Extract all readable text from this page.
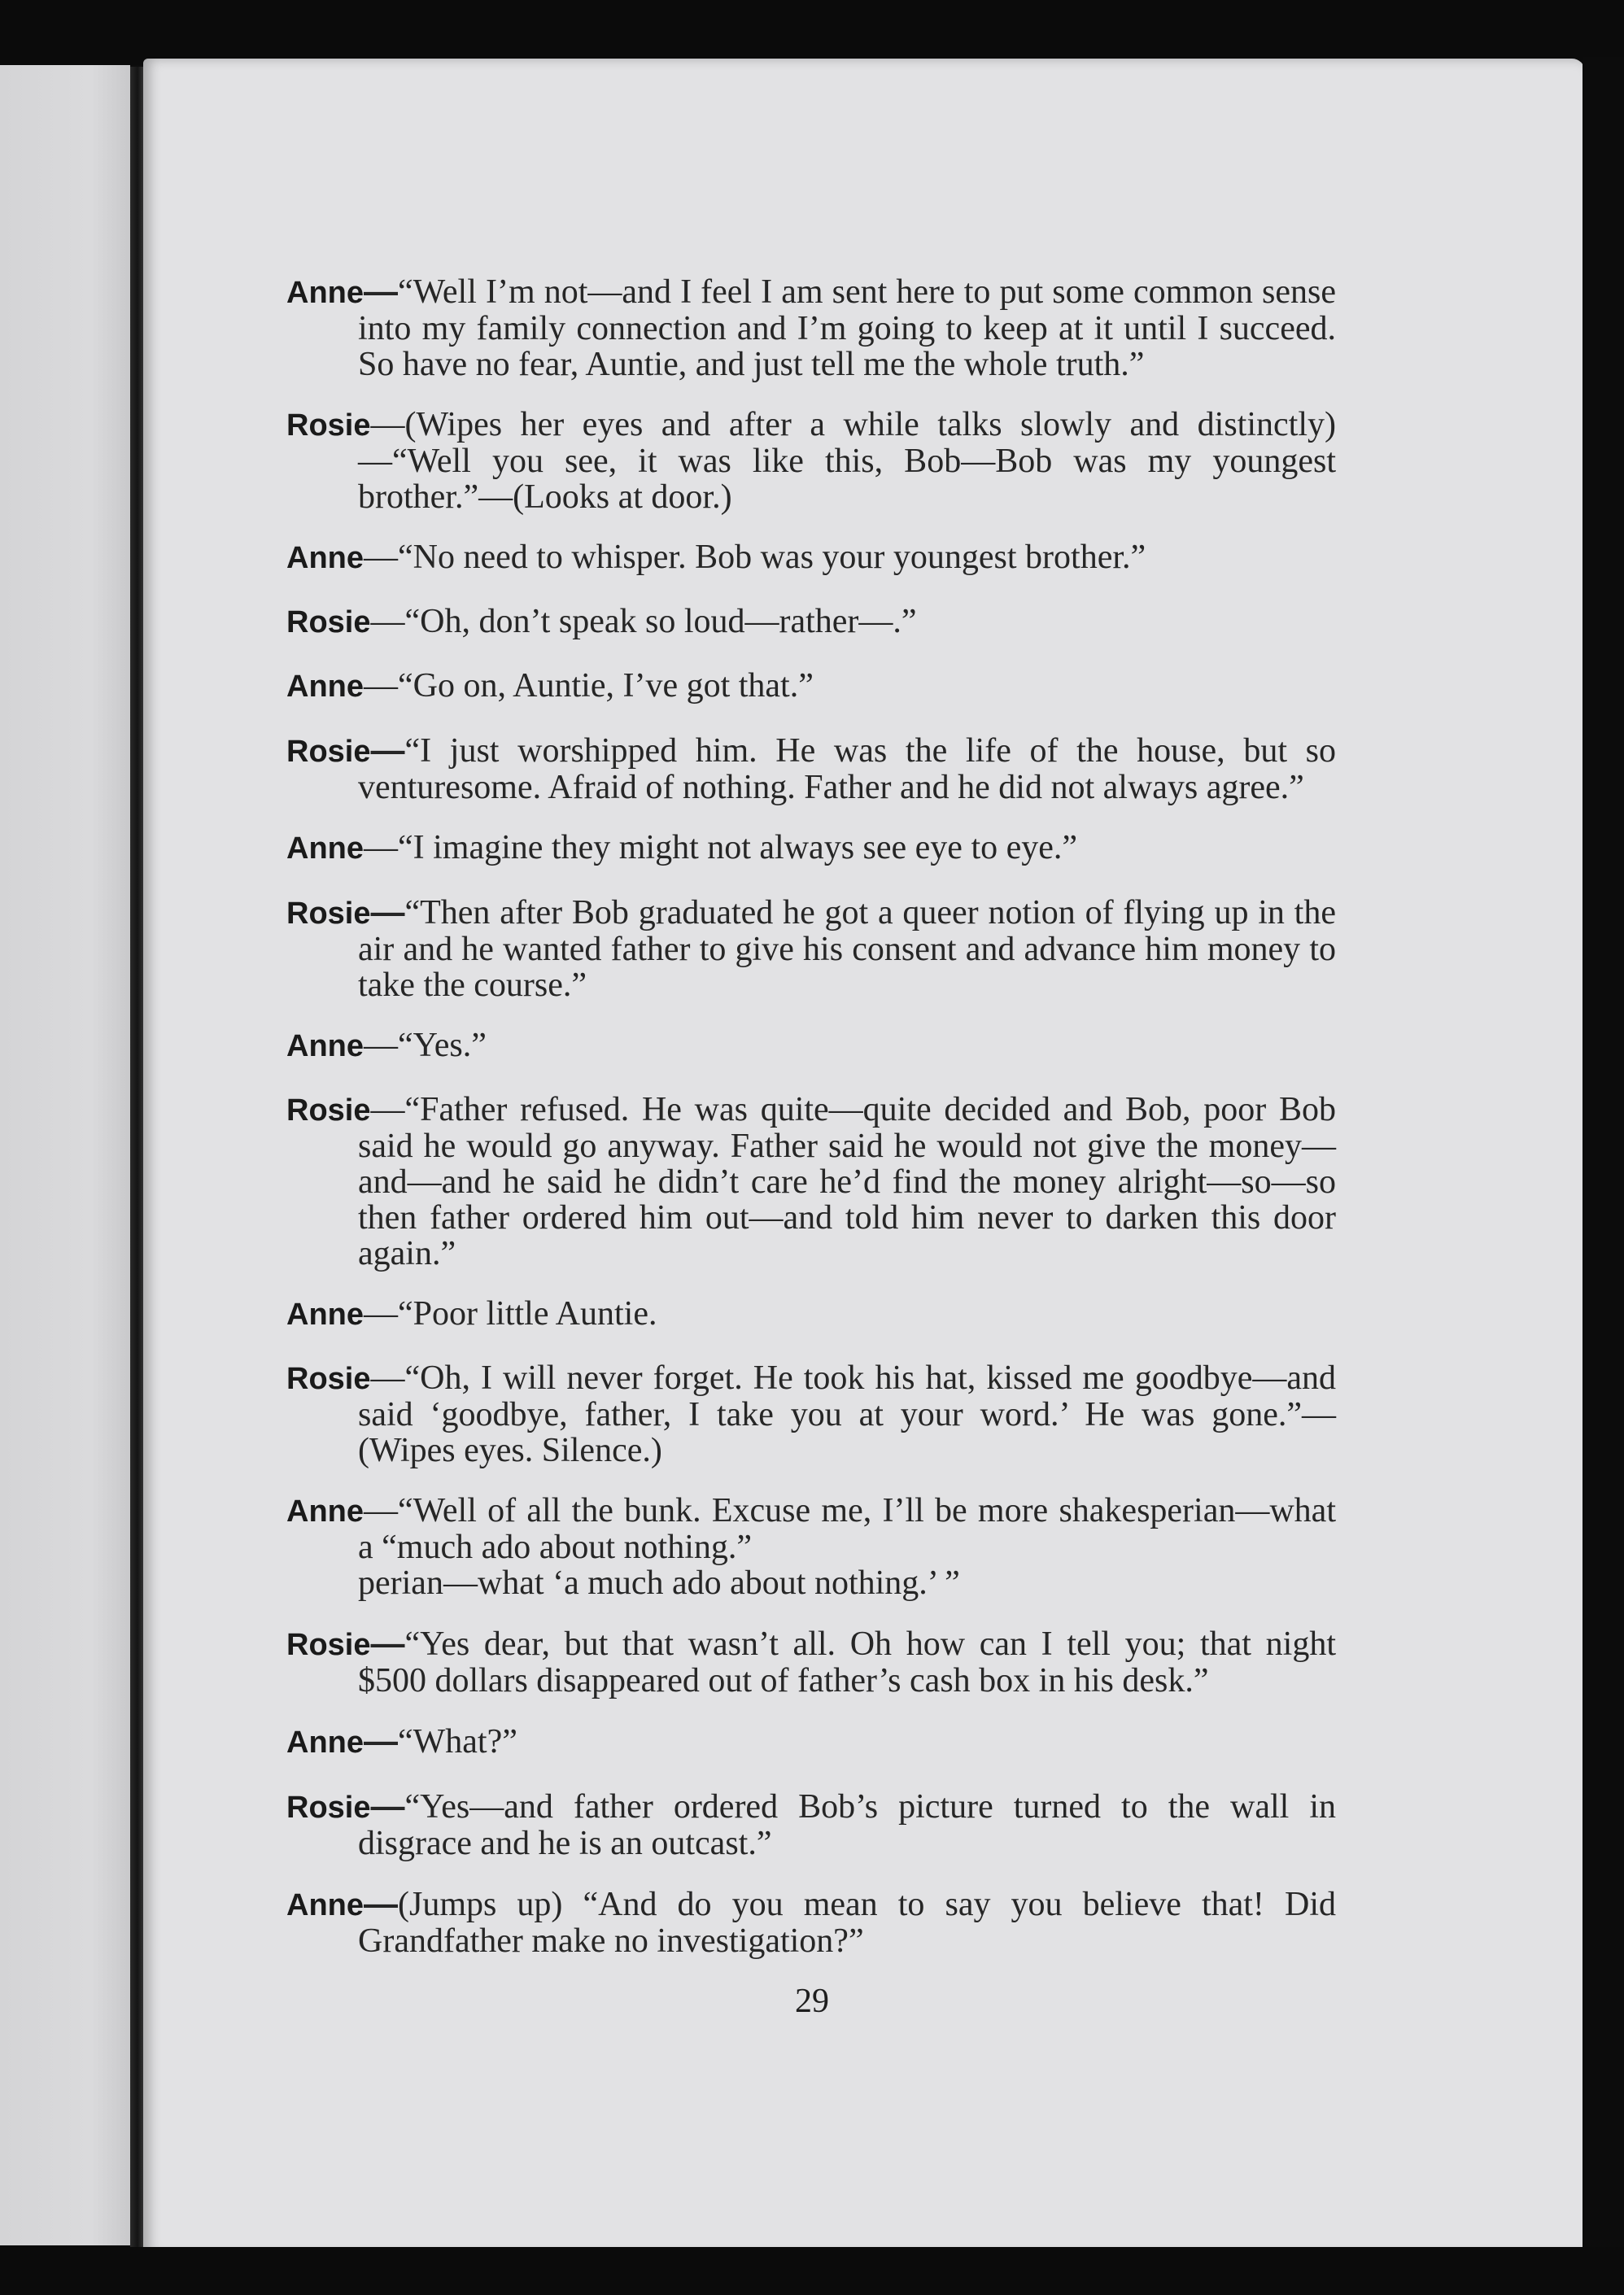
Anne—“Well I’m not—and I feel I am sent here to put some common sense into my family connection and I’m going to keep at it until I succeed. So have no fear, Auntie, and just tell me the whole truth.”

Rosie—(Wipes her eyes and after a while talks slowly and distinctly)—“Well you see, it was like this, Bob—Bob was my youngest brother.”—(Looks at door.)

Anne—“No need to whisper. Bob was your youngest brother.”

Rosie—“Oh, don’t speak so loud—rather—.”

Anne—“Go on, Auntie, I’ve got that.”

Rosie—“I just worshipped him. He was the life of the house, but so venturesome. Afraid of nothing. Father and he did not always agree.”

Anne—“I imagine they might not always see eye to eye.”

Rosie—“Then after Bob graduated he got a queer notion of flying up in the air and he wanted father to give his consent and advance him money to take the course.”

Anne—“Yes.”

Rosie—“Father refused. He was quite—quite decided and Bob, poor Bob said he would go anyway. Father said he would not give the money—and—and he said he didn’t care he’d find the money alright—so—so then father ordered him out—and told him never to darken this door again.”

Anne—“Poor little Auntie.

Rosie—“Oh, I will never forget. He took his hat, kissed me goodbye—and said ‘goodbye, father, I take you at your word.’ He was gone.”—(Wipes eyes. Silence.)

Anne—“Well of all the bunk. Excuse me, I’ll be more shakesperian—what a “much ado about nothing.”
perian—what ‘a much ado about nothing.’ ”

Rosie—“Yes dear, but that wasn’t all. Oh how can I tell you; that night $500 dollars disappeared out of father’s cash box in his desk.”

Anne—“What?”

Rosie—“Yes—and father ordered Bob’s picture turned to the wall in disgrace and he is an outcast.”

Anne—(Jumps up) “And do you mean to say you believe that! Did Grandfather make no investigation?”

29
